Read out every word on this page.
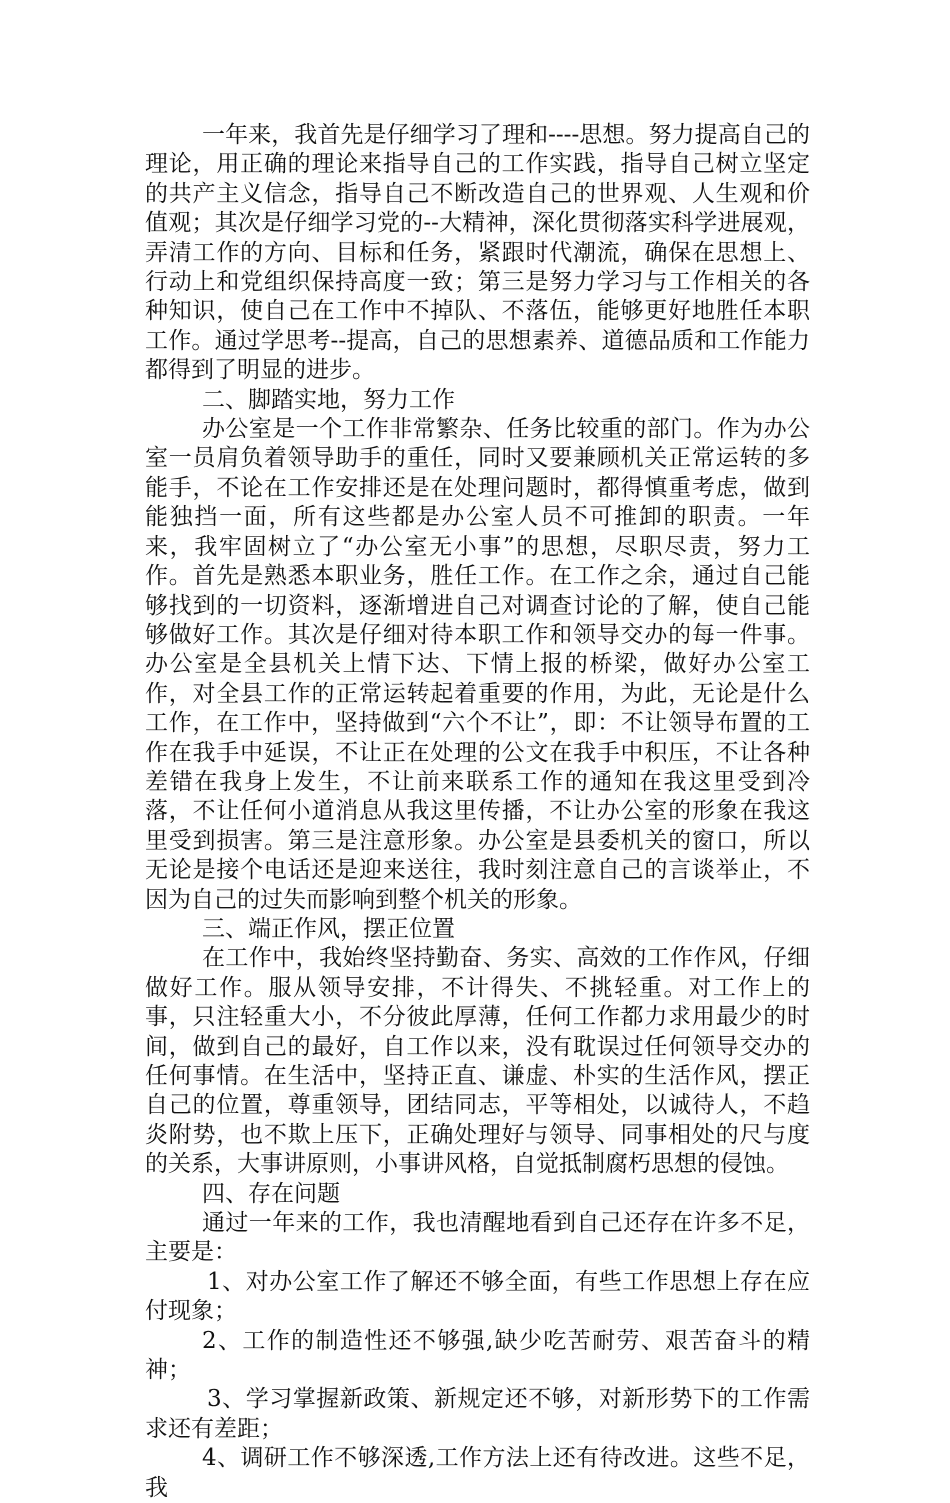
一年来，我首先是仔细学习了理和----思想。努力提高自己的理论，用正确的理论来指导自己的工作实践，指导自己树立坚定的共产主义信念，指导自己不断改造自己的世界观、人生观和价值观；其次是仔细学习党的--大精神，深化贯彻落实科学进展观，弄清工作的方向、目标和任务，紧跟时代潮流，确保在思想上、行动上和党组织保持高度一致；第三是努力学习与工作相关的各种知识，使自己在工作中不掉队、不落伍，能够更好地胜任本职工作。通过学思考--提高，自己的思想素养、道德品质和工作能力都得到了明显的进步。

二、脚踏实地，努力工作

办公室是一个工作非常繁杂、任务比较重的部门。作为办公室一员肩负着领导助手的重任，同时又要兼顾机关正常运转的多能手，不论在工作安排还是在处理问题时，都得慎重考虑，做到能独挡一面，所有这些都是办公室人员不可推卸的职责。一年来，我牢固树立了“办公室无小事”的思想，尽职尽责，努力工作。首先是熟悉本职业务，胜任工作。在工作之余，通过自己能够找到的一切资料，逐渐增进自己对调查讨论的了解，使自己能够做好工作。其次是仔细对待本职工作和领导交办的每一件事。办公室是全县机关上情下达、下情上报的桥梁，做好办公室工作，对全县工作的正常运转起着重要的作用，为此，无论是什么工作，在工作中，坚持做到“六个不让”，即：不让领导布置的工作在我手中延误，不让正在处理的公文在我手中积压，不让各种差错在我身上发生，不让前来联系工作的通知在我这里受到冷落，不让任何小道消息从我这里传播，不让办公室的形象在我这里受到损害。第三是注意形象。办公室是县委机关的窗口，所以无论是接个电话还是迎来送往，我时刻注意自己的言谈举止，不因为自己的过失而影响到整个机关的形象。

三、端正作风，摆正位置

在工作中，我始终坚持勤奋、务实、高效的工作作风，仔细做好工作。服从领导安排，不计得失、不挑轻重。对工作上的事，只注轻重大小，不分彼此厚薄，任何工作都力求用最少的时间，做到自己的最好，自工作以来，没有耽误过任何领导交办的任何事情。在生活中，坚持正直、谦虚、朴实的生活作风，摆正自己的位置，尊重领导，团结同志，平等相处，以诚待人，不趋炎附势，也不欺上压下，正确处理好与领导、同事相处的尺与度的关系，大事讲原则，小事讲风格，自觉抵制腐朽思想的侵蚀。

四、存在问题

通过一年来的工作，我也清醒地看到自己还存在许多不足，主要是：

1、对办公室工作了解还不够全面，有些工作思想上存在应付现象；

2、工作的制造性还不够强,缺少吃苦耐劳、艰苦奋斗的精神；

3、学习掌握新政策、新规定还不够，对新形势下的工作需求还有差距；

4、调研工作不够深透,工作方法上还有待改进。这些不足，我
